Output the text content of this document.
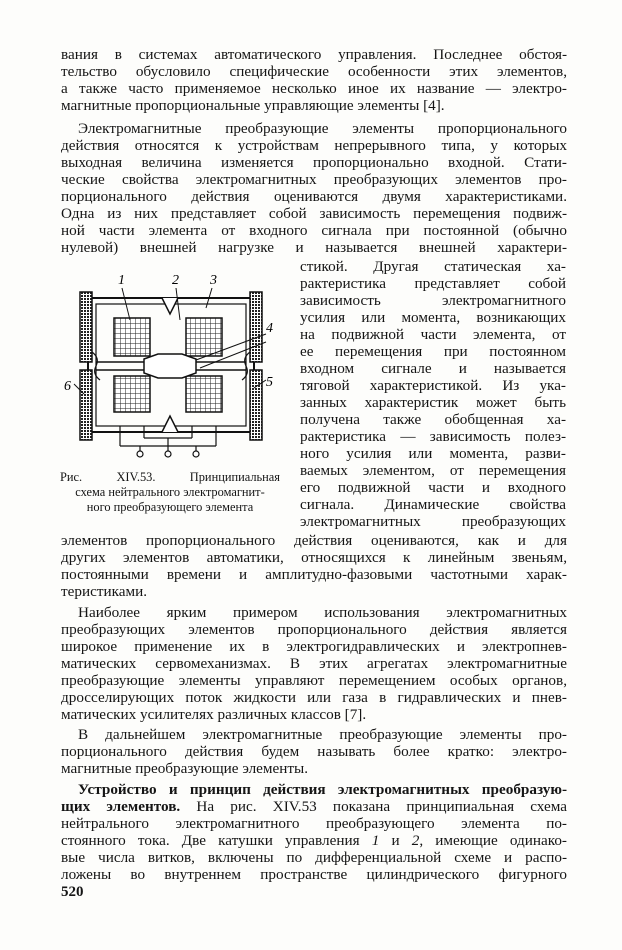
вания в системах автоматического управления. Последнее обстоя-
тельство обусловило специфические особенности этих элементов,
а также часто применяемое несколько иное их название — электро-
магнитные пропорциональные управляющие элементы [4].
Электромагнитные преобразующие элементы пропорционального
действия относятся к устройствам непрерывного типа, у которых
выходная величина изменяется пропорционально входной. Стати-
ческие свойства электромагнитных преобразующих элементов про-
порционального действия оцениваются двумя характеристиками.
Одна из них представляет собой зависимость перемещения подвиж-
ной части элемента от входного сигнала при постоянной (обычно
нулевой) внешней нагрузке и называется внешней характери-
стикой. Другая статическая ха-
рактеристика представляет собой
зависимость электромагнитного
усилия или момента, возникающих
на подвижной части элемента, от
ее перемещения при постоянном
входном сигнале и называется
тяговой характеристикой. Из ука-
занных характеристик может быть
получена также обобщенная ха-
рактеристика — зависимость полез-
ного усилия или момента, разви-
ваемых элементом, от перемещения
его подвижной части и входного
сигнала. Динамические свойства
электромагнитных преобразующих
1	2 3
4
5
6
Рис. XIV.53. Принципиальная
схема нейтрального электромагнит-
ного преобразующего элемента
элементов пропорционального действия оцениваются, как и для
других элементов автоматики, относящихся к линейным звеньям,
постоянными времени и амплитудно-фазовыми частотными харак-
теристиками.
Наиболее ярким примером использования электромагнитных
преобразующих элементов пропорционального действия является
широкое применение их в электрогидравлических и электропнев-
матических сервомеханизмах. В этих агрегатах электромагнитные
преобразующие элементы управляют перемещением особых органов,
дросселирующих поток жидкости или газа в гидравлических и пнев-
матических усилителях различных классов [7].
В дальнейшем электромагнитные преобразующие элементы про-
порционального действия будем называть более кратко: электро-
магнитные преобразующие элементы.
Устройство и принцип действия электромагнитных преобразую-
щих элементов. На рис. XIV.53 показана принципиальная схема
нейтрального электромагнитного преобразующего элемента по-
стоянного тока. Две катушки управления 1 и 2, имеющие одинако-
вые числа витков, включены по дифференциальной схеме и распо-
ложены во внутреннем пространстве цилиндрического фигурного
520
